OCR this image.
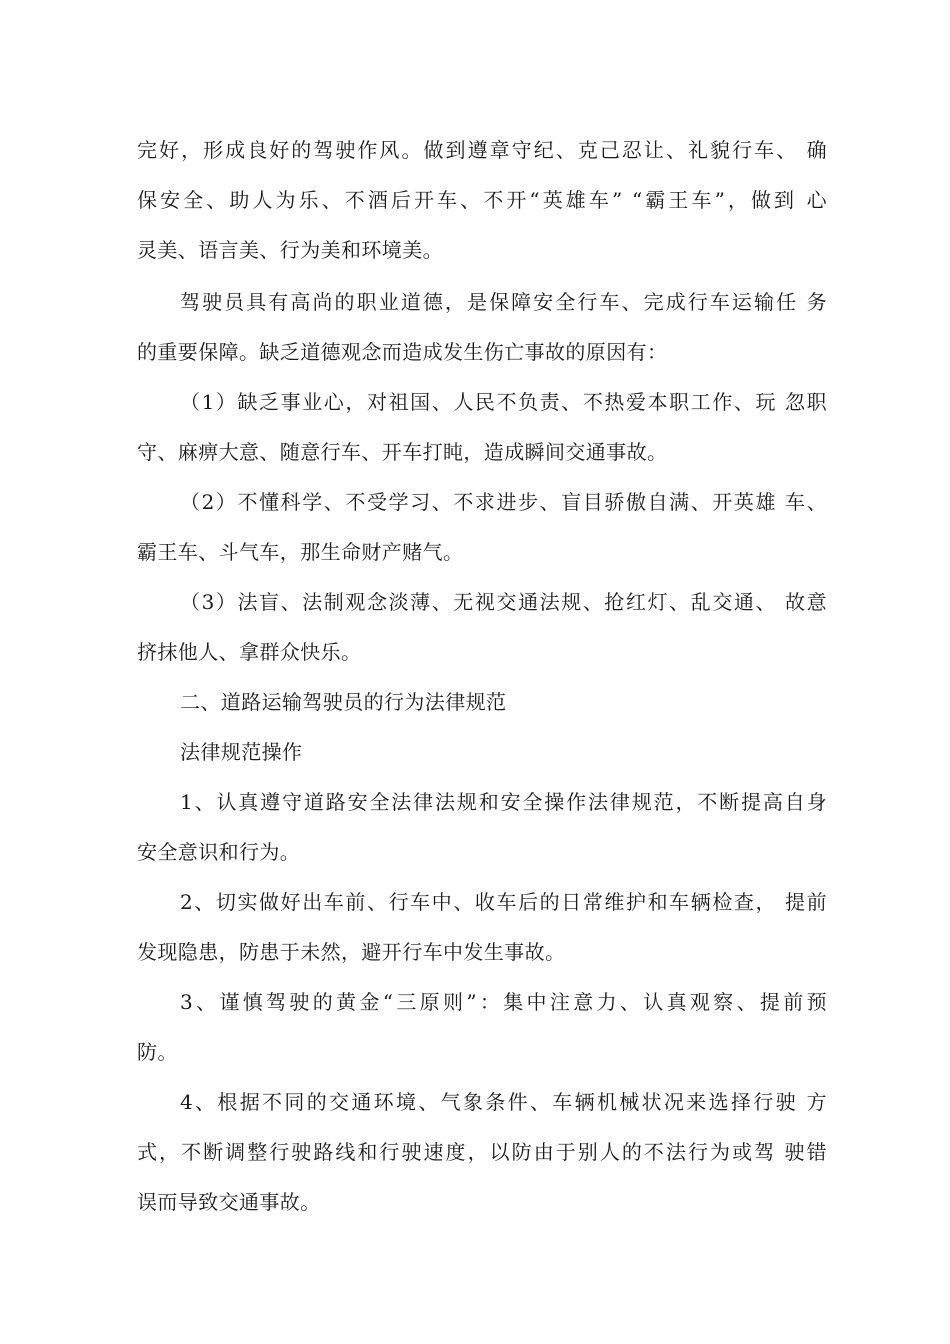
完好，形成良好的驾驶作风。做到遵章守纪、克己忍让、礼貌行车、 确
保安全、助人为乐、不酒后开车、不开“英雄车” “霸王车”，做到 心
灵美、语言美、行为美和环境美。
驾驶员具有高尚的职业道德，是保障安全行车、完成行车运输任 务
的重要保障。缺乏道德观念而造成发生伤亡事故的原因有：
（1）缺乏事业心，对祖国、人民不负责、不热爱本职工作、玩 忽职
守、麻痹大意、随意行车、开车打盹，造成瞬间交通事故。
（2）不懂科学、不受学习、不求进步、盲目骄傲自满、开英雄 车、
霸王车、斗气车，那生命财产赌气。
（3）法盲、法制观念淡薄、无视交通法规、抢红灯、乱交通、 故意
挤抹他人、拿群众快乐。
二、道路运输驾驶员的行为法律规范
法律规范操作
1、认真遵守道路安全法律法规和安全操作法律规范，不断提高自身
安全意识和行为。
2、切实做好出车前、行车中、收车后的日常维护和车辆检查， 提前
发现隐患，防患于未然，避开行车中发生事故。
3、谨慎驾驶的黄金“三原则”：集中注意力、认真观察、提前预
防。
4、根据不同的交通环境、气象条件、车辆机械状况来选择行驶 方
式，不断调整行驶路线和行驶速度，以防由于别人的不法行为或驾 驶错
误而导致交通事故。
